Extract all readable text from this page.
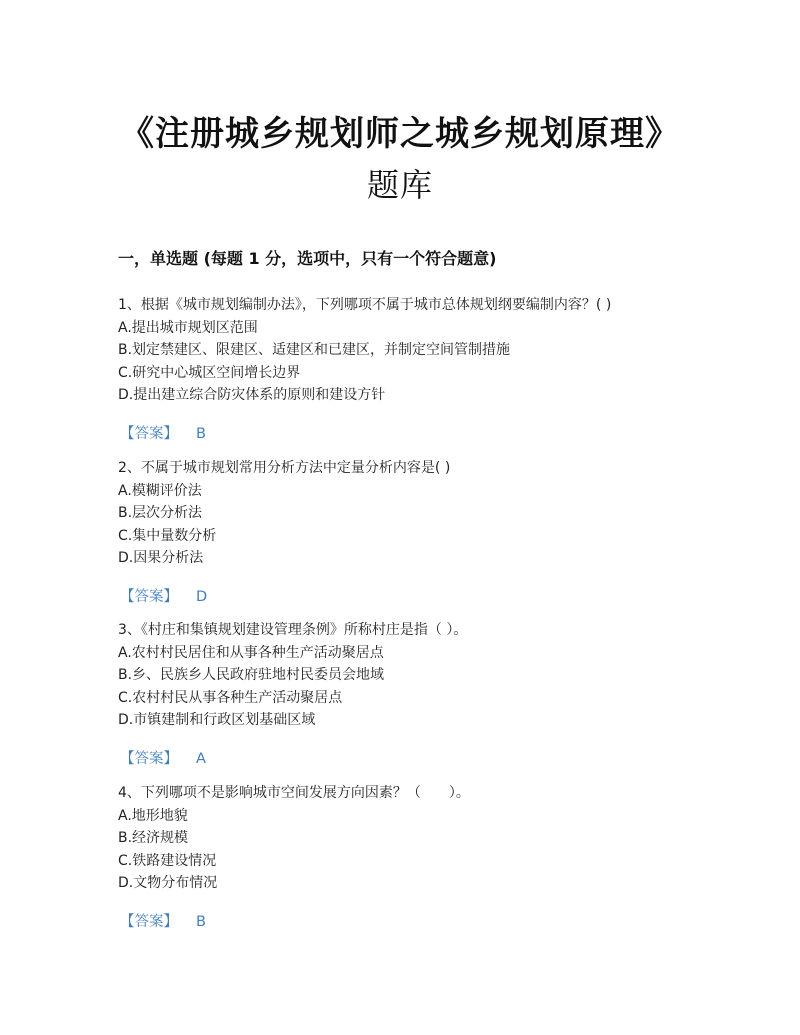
《注册城乡规划师之城乡规划原理》
题库
一，单选题 (每题 1 分，选项中，只有一个符合题意)
1、根据《城市规划编制办法》，下列哪项不属于城市总体规划纲要编制内容？( )
A.提出城市规划区范围
B.划定禁建区、限建区、适建区和已建区，并制定空间管制措施
C.研究中心城区空间增长边界
D.提出建立综合防灾体系的原则和建设方针
【答案】 B
2、不属于城市规划常用分析方法中定量分析内容是( )
A.模糊评价法
B.层次分析法
C.集中量数分析
D.因果分析法
【答案】 D
3、《村庄和集镇规划建设管理条例》所称村庄是指（ ）。
A.农村村民居住和从事各种生产活动聚居点
B.乡、民族乡人民政府驻地村民委员会地域
C.农村村民从事各种生产活动聚居点
D.市镇建制和行政区划基础区域
【答案】 A
4、下列哪项不是影响城市空间发展方向因素？（　　）。
A.地形地貌
B.经济规模
C.铁路建设情况
D.文物分布情况
【答案】 B
